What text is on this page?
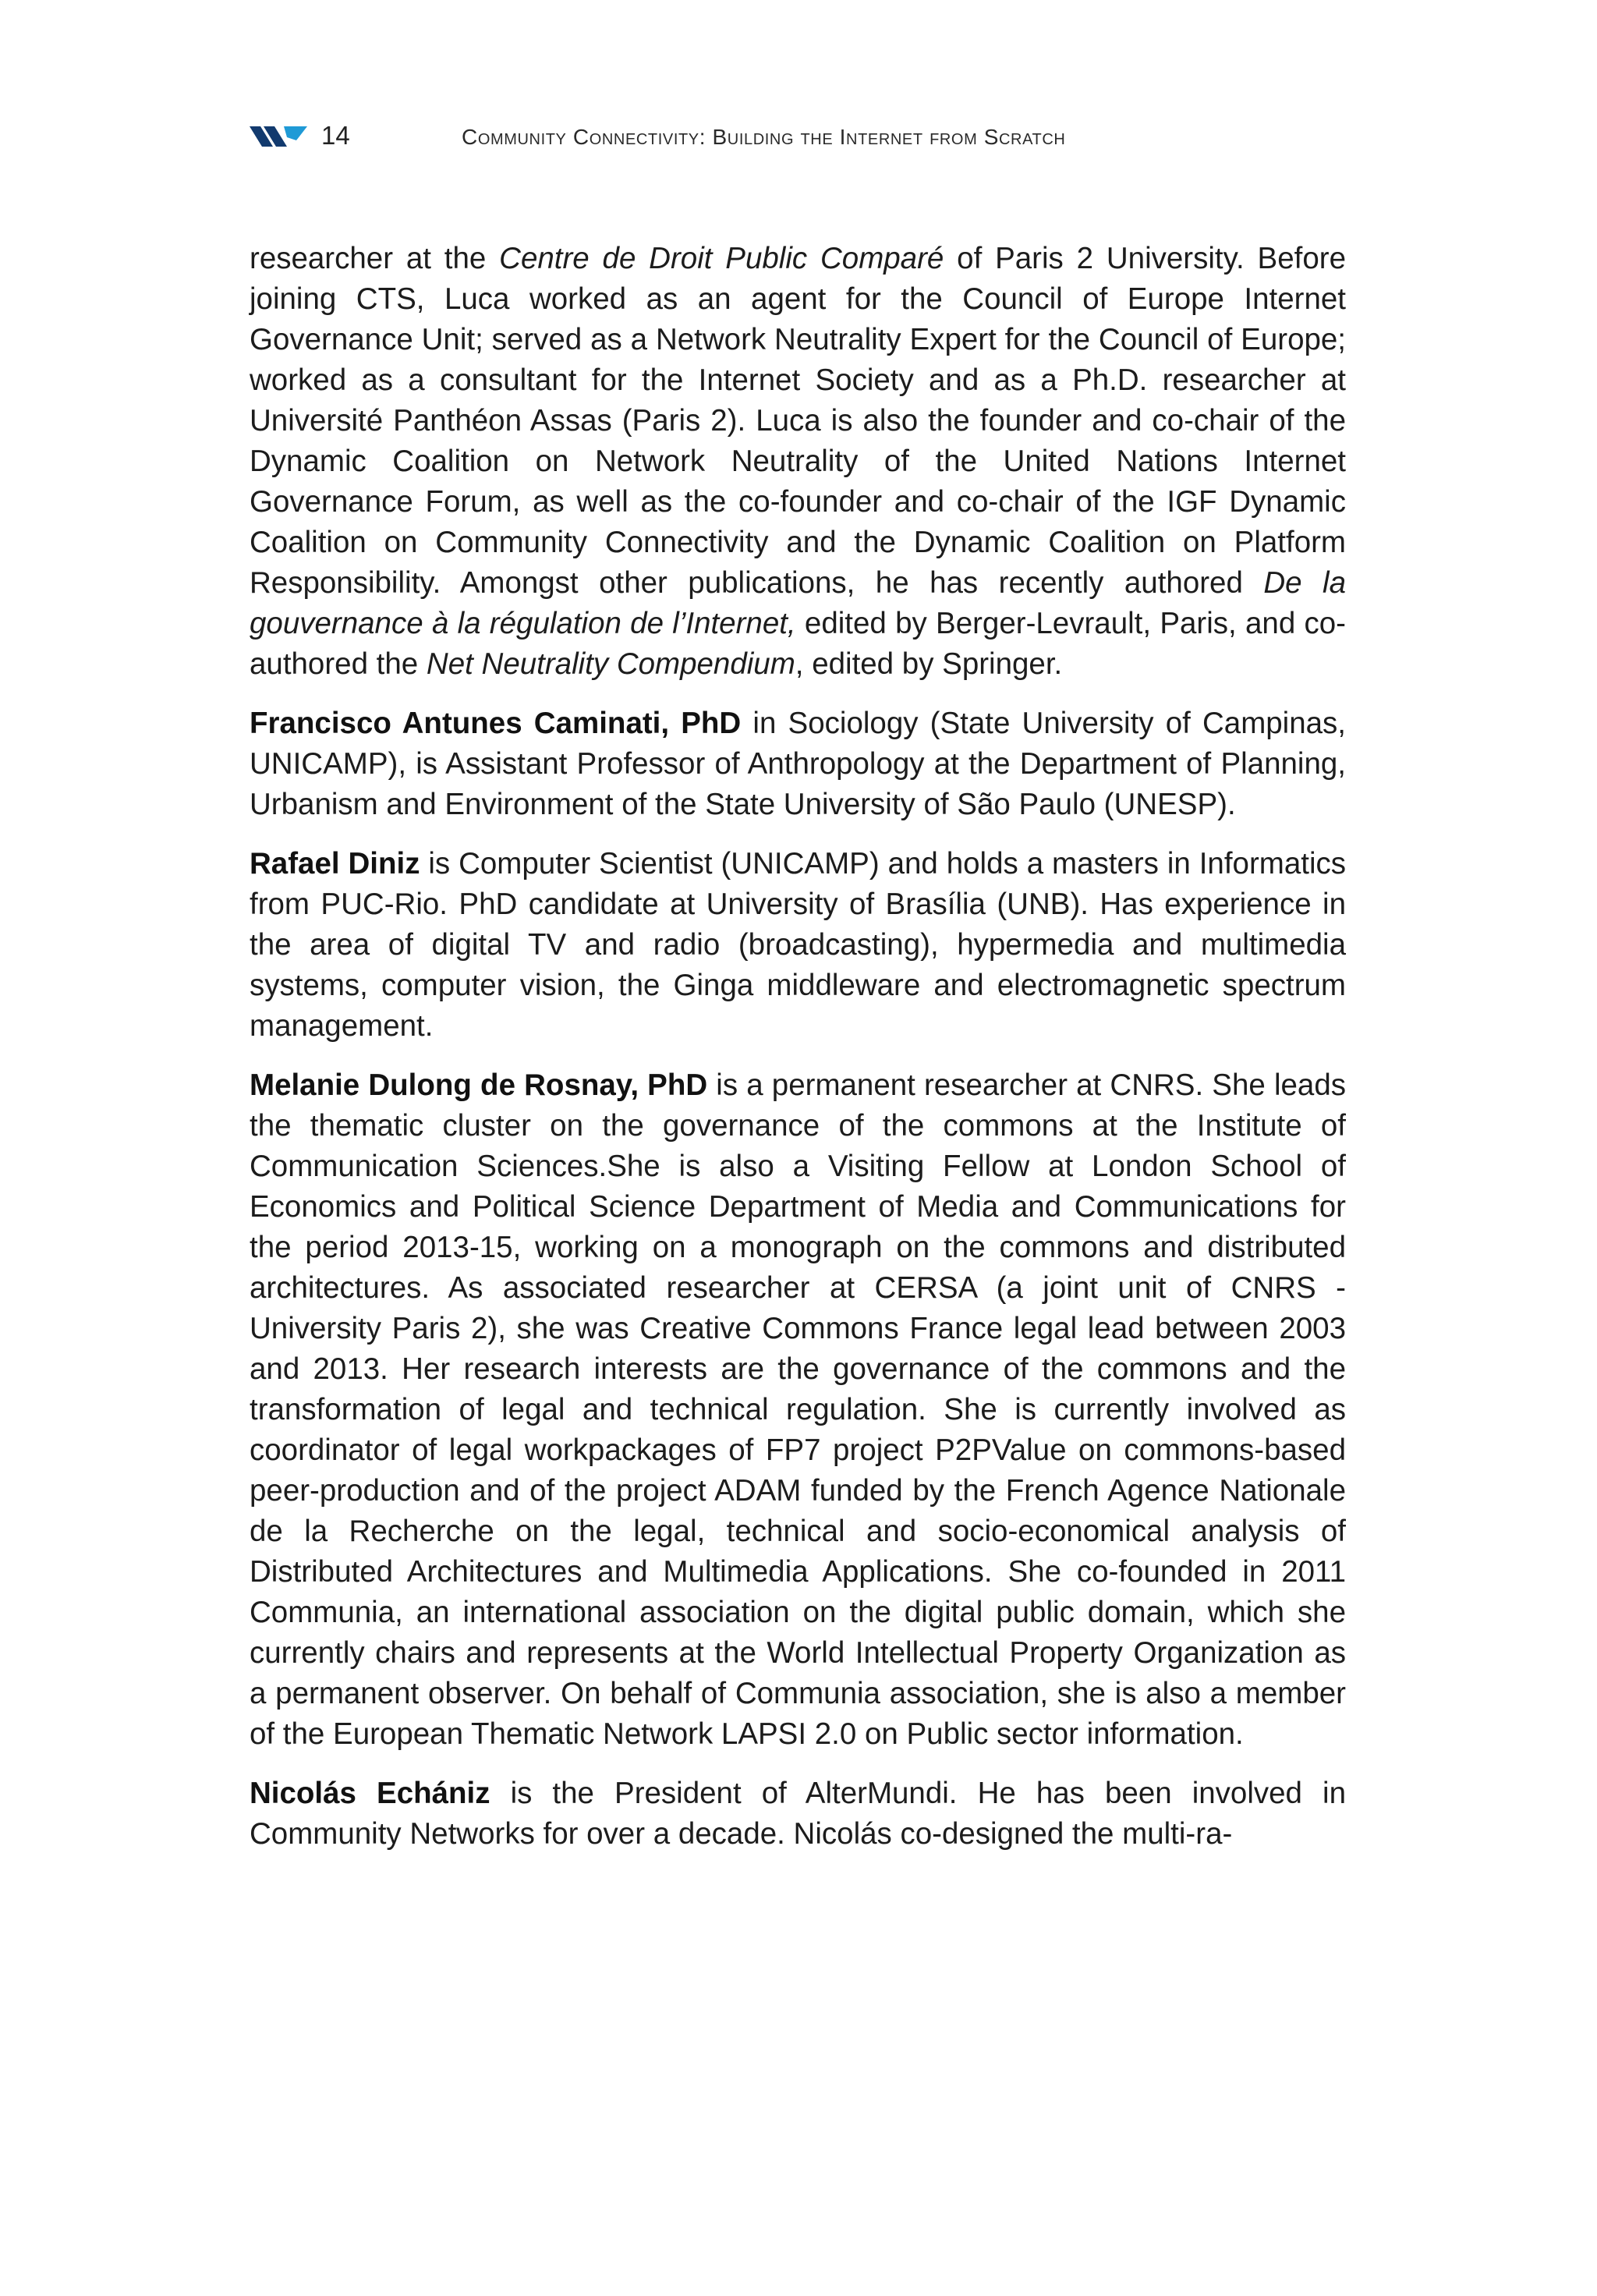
14	Community Connectivity: Building the Internet from Scratch

researcher at the Centre de Droit Public Comparé of Paris 2 University. Before joining CTS, Luca worked as an agent for the Council of Europe Internet Governance Unit; served as a Network Neutrality Expert for the Council of Europe; worked as a consultant for the Internet Society and as a Ph.D. researcher at Université Panthéon Assas (Paris 2). Luca is also the founder and co-chair of the Dynamic Coalition on Network Neutrality of the United Nations Internet Governance Forum, as well as the co-founder and co-chair of the IGF Dynamic Coalition on Community Connectivity and the Dynamic Coalition on Platform Responsibility. Amongst other publications, he has recently authored De la gouvernance à la régulation de l’Internet, edited by Berger-Levrault, Paris, and co-authored the Net Neutrality Compendium, edited by Springer.

Francisco Antunes Caminati, PhD in Sociology (State University of Campinas, UNICAMP), is Assistant Professor of Anthropology at the Department of Planning, Urbanism and Environment of the State University of São Paulo (UNESP).

Rafael Diniz is Computer Scientist (UNICAMP) and holds a masters in Informatics from PUC-Rio. PhD candidate at University of Brasília (UNB). Has experience in the area of digital TV and radio (broadcasting), hypermedia and multimedia systems, computer vision, the Ginga middleware and electromagnetic spectrum management.

Melanie Dulong de Rosnay, PhD is a permanent researcher at CNRS. She leads the thematic cluster on the governance of the commons at the Institute of Communication Sciences.She is also a Visiting Fellow at London School of Economics and Political Science Department of Media and Communications for the period 2013-15, working on a monograph on the commons and distributed architectures. As associated researcher at CERSA (a joint unit of CNRS - University Paris 2), she was Creative Commons France legal lead between 2003 and 2013. Her research interests are the governance of the commons and the transformation of legal and technical regulation. She is currently involved as coordinator of legal workpackages of FP7 project P2PValue on commons-based peer-production and of the project ADAM funded by the French Agence Nationale de la Recherche on the legal, technical and socio-economical analysis of Distributed Architectures and Multimedia Applications. She co-founded in 2011 Communia, an international association on the digital public domain, which she currently chairs and represents at the World Intellectual Property Organization as a permanent observer. On behalf of Communia association, she is also a member of the European Thematic Network LAPSI 2.0 on Public sector information.

Nicolás Echániz is the President of AlterMundi. He has been involved in Community Networks for over a decade. Nicolás co-designed the multi-ra-
